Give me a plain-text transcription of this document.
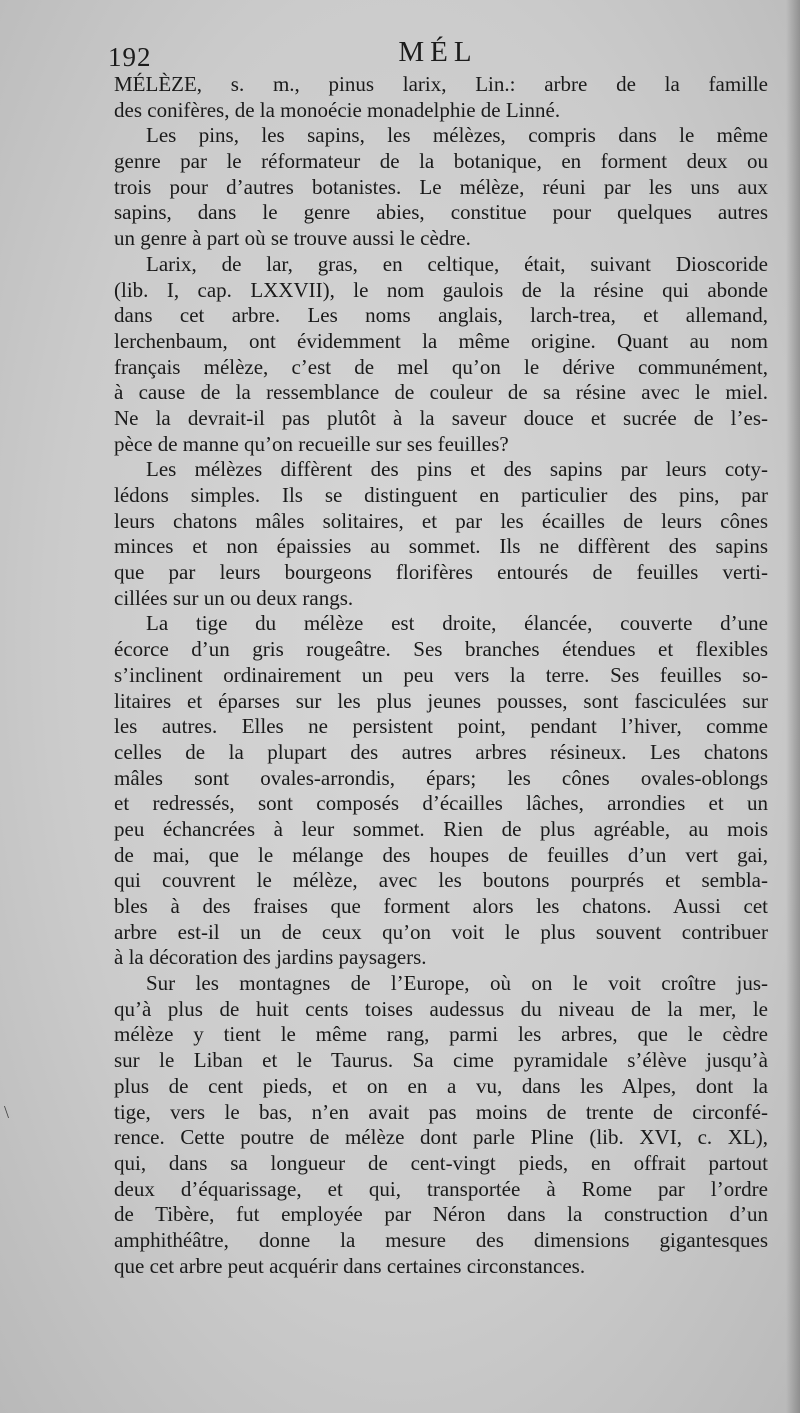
192	MÉL
MÉLÈZE, s. m., pinus larix, Lin.: arbre de la famille
des conifères, de la monoécie monadelphie de Linné.
Les pins, les sapins, les mélèzes, compris dans le même
genre par le réformateur de la botanique, en forment deux ou
trois pour d’autres botanistes. Le mélèze, réuni par les uns aux
sapins, dans le genre abies, constitue pour quelques autres
un genre à part où se trouve aussi le cèdre.
Larix, de lar, gras, en celtique, était, suivant Dioscoride
(lib. I, cap. LXXVII), le nom gaulois de la résine qui abonde
dans cet arbre. Les noms anglais, larch-trea, et allemand,
lerchenbaum, ont évidemment la même origine. Quant au nom
français mélèze, c’est de mel qu’on le dérive communément,
à cause de la ressemblance de couleur de sa résine avec le miel.
Ne la devrait-il pas plutôt à la saveur douce et sucrée de l’es-
pèce de manne qu’on recueille sur ses feuilles?
Les mélèzes diffèrent des pins et des sapins par leurs coty-
lédons simples. Ils se distinguent en particulier des pins, par
leurs chatons mâles solitaires, et par les écailles de leurs cônes
minces et non épaissies au sommet. Ils ne diffèrent des sapins
que par leurs bourgeons florifères entourés de feuilles verti-
cillées sur un ou deux rangs.
La tige du mélèze est droite, élancée, couverte d’une
écorce d’un gris rougeâtre. Ses branches étendues et flexibles
s’inclinent ordinairement un peu vers la terre. Ses feuilles so-
litaires et éparses sur les plus jeunes pousses, sont fasciculées sur
les autres. Elles ne persistent point, pendant l’hiver, comme
celles de la plupart des autres arbres résineux. Les chatons
mâles sont ovales-arrondis, épars; les cônes ovales-oblongs
et redressés, sont composés d’écailles lâches, arrondies et un
peu échancrées à leur sommet. Rien de plus agréable, au mois
de mai, que le mélange des houpes de feuilles d’un vert gai,
qui couvrent le mélèze, avec les boutons pourprés et sembla-
bles à des fraises que forment alors les chatons. Aussi cet
arbre est-il un de ceux qu’on voit le plus souvent contribuer
à la décoration des jardins paysagers.
Sur les montagnes de l’Europe, où on le voit croître jus-
qu’à plus de huit cents toises audessus du niveau de la mer, le
mélèze y tient le même rang, parmi les arbres, que le cèdre
sur le Liban et le Taurus. Sa cime pyramidale s’élève jusqu’à
plus de cent pieds, et on en a vu, dans les Alpes, dont la
tige, vers le bas, n’en avait pas moins de trente de circonfé-
rence. Cette poutre de mélèze dont parle Pline (lib. XVI, c. XL),
qui, dans sa longueur de cent-vingt pieds, en offrait partout
deux d’équarissage, et qui, transportée à Rome par l’ordre
de Tibère, fut employée par Néron dans la construction d’un
amphithéâtre, donne la mesure des dimensions gigantesques
que cet arbre peut acquérir dans certaines circonstances.
\
